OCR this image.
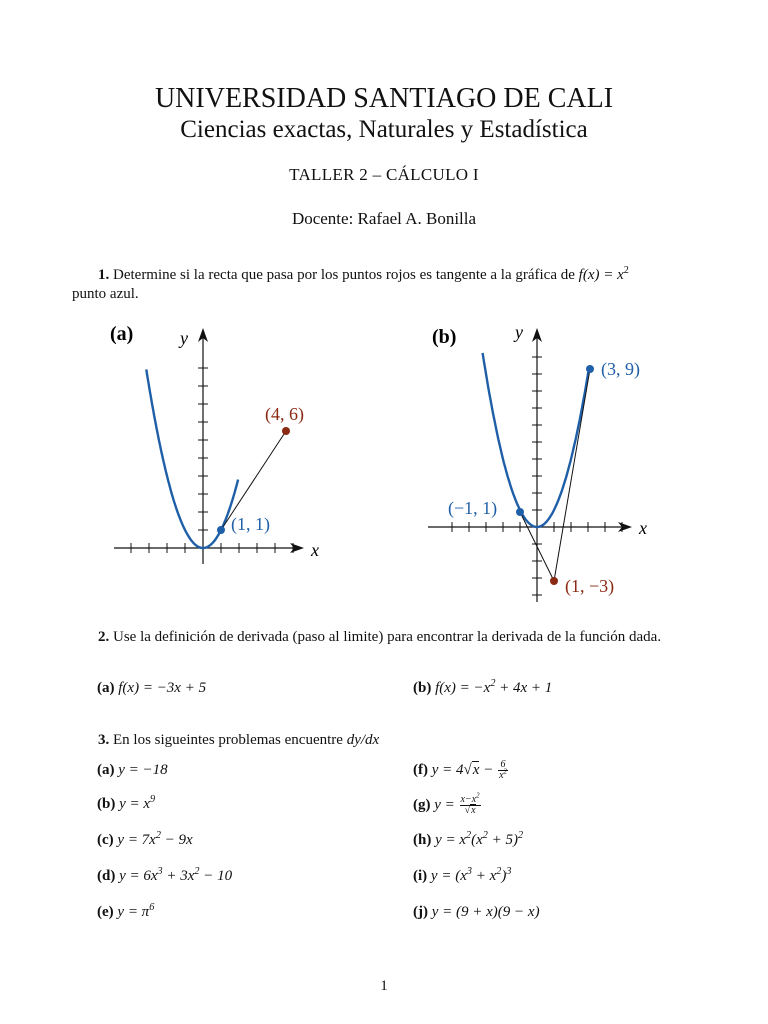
UNIVERSIDAD SANTIAGO DE CALI
Ciencias exactas, Naturales y Estadística
TALLER 2 – CÁLCULO I
Docente: Rafael A. Bonilla
1. Determine si la recta que pasa por los puntos rojos es tangente a la gráfica de $f(x) = x^2$
punto azul.
(a)	y
x
(1, 1)
(4, 6)
(b)	y
x
(3, 9)
(−1, 1)
(1, −3)
2. Use la definición de derivada (paso al limite) para encontrar la derivada de la función dada.
(a) f(x) = −3x + 5	(b) $f(x) = -x^2 + 4x + 1$
3. En los sigueintes problemas encuentre dy/dx
(a) y = −18
(b) $y = x^9$
(c) $y = 7x^2 - 9x$
(d) $y = 6x^3 + 3x^2 - 10$
(e) $y = \pi^6$
(f) $y = 4√x - \frac{6}{x^2}$
(g) $y = \frac{x-x^2}{√x}$
(h) $y = x^2(x^2 + 5)^2$
(i) $y = (x^3 + x^2)^3$
(j) y = (9 + x)(9 − x)
1
